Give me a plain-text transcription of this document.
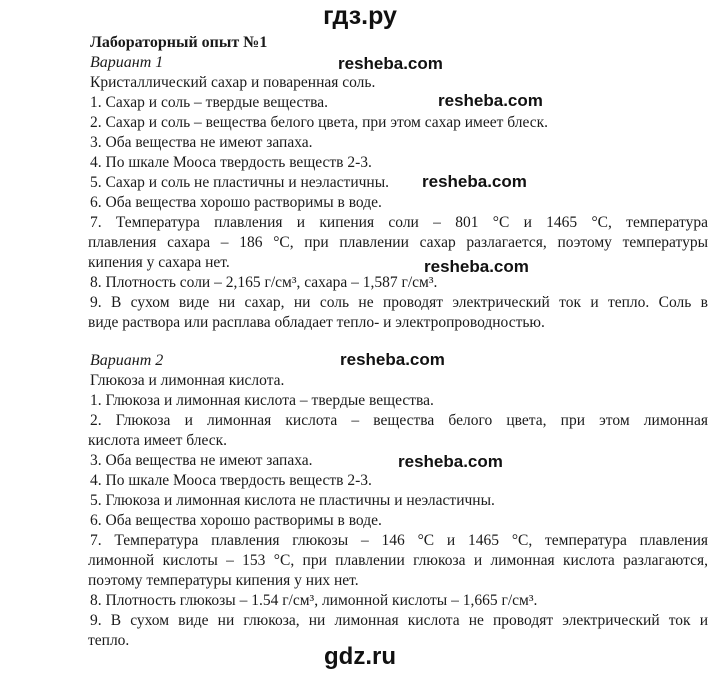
гдз.ру
Лабораторный опыт №1
Вариант 1
Кристаллический сахар и поваренная соль.
1. Сахар и соль – твердые вещества.
2. Сахар и соль – вещества белого цвета, при этом сахар имеет блеск.
3. Оба вещества не имеют запаха.
4. По шкале Мооса твердость веществ 2-3.
5. Сахар и соль не пластичны и неэластичны.
6. Оба вещества хорошо растворимы в воде.
7. Температура плавления и кипения соли – 801 °С и 1465 °С, температура
плавления сахара – 186 °С, при плавлении сахар разлагается, поэтому температуры
кипения у сахара нет.
8. Плотность соли – 2,165 г/см³, сахара – 1,587 г/см³.
9. В сухом виде ни сахар, ни соль не проводят электрический ток и тепло. Соль в
виде раствора или расплава обладает тепло- и электропроводностью.
Вариант 2
Глюкоза и лимонная кислота.
1. Глюкоза и лимонная кислота – твердые вещества.
2. Глюкоза и лимонная кислота – вещества белого цвета, при этом лимонная
кислота имеет блеск.
3. Оба вещества не имеют запаха.
4. По шкале Мооса твердость веществ 2-3.
5. Глюкоза и лимонная кислота не пластичны и неэластичны.
6. Оба вещества хорошо растворимы в воде.
7. Температура плавления глюкозы – 146 °С и 1465 °С, температура плавления
лимонной кислоты – 153 °С, при плавлении глюкоза и лимонная кислота разлагаются,
поэтому температуры кипения у них нет.
8. Плотность глюкозы – 1.54 г/см³, лимонной кислоты – 1,665 г/см³.
9. В сухом виде ни глюкоза, ни лимонная кислота не проводят электрический ток и
тепло.
resheba.com
resheba.com
resheba.com
resheba.com
resheba.com
resheba.com
gdz.ru
